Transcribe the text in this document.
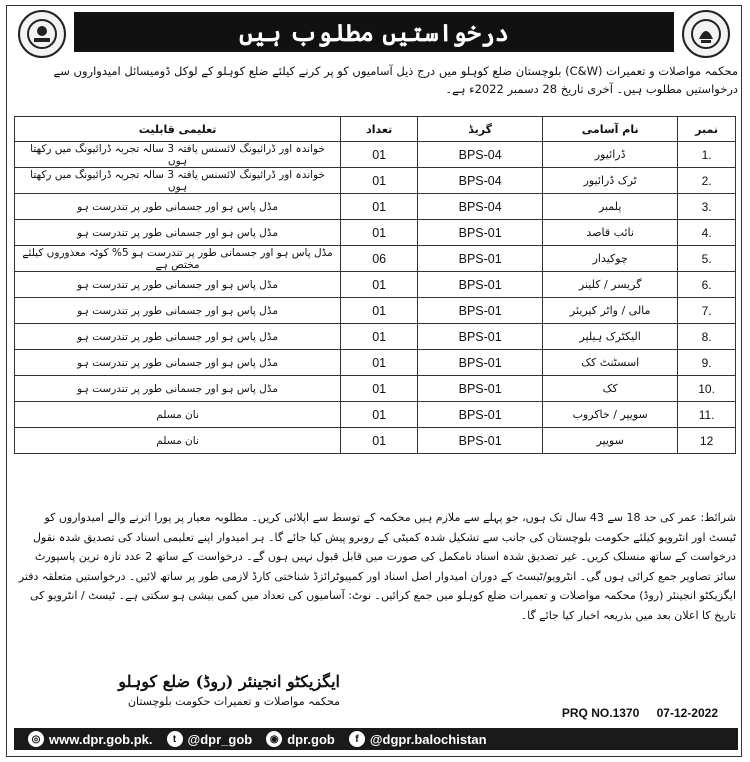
درخواستیں مطلوب ہیں
محکمہ مواصلات و تعمیرات (C&W) بلوچستان ضلع کوہلو میں درج ذیل آسامیوں کو پر کرنے کیلئے ضلع کوہلو کے لوکل ڈومیسائل امیدواروں سے درخواستیں مطلوب ہیں۔ آخری تاریخ 28 دسمبر 2022ء ہے۔
تعلیمی قابلیت	تعداد	گریڈ	نام آسامی	نمبر
خواندہ اور ڈرائیونگ لائسنس یافتہ 3 سالہ تجربہ ڈرائیونگ میں رکھتا ہوں	01	BPS-04	ڈرائیور	1.
خواندہ اور ڈرائیونگ لائسنس یافتہ 3 سالہ تجربہ ڈرائیونگ میں رکھتا ہوں	01	BPS-04	ٹرک ڈرائیور	2.
مڈل پاس ہو اور جسمانی طور پر تندرست ہو	01	BPS-04	پلمبر	3.
مڈل پاس ہو اور جسمانی طور پر تندرست ہو	01	BPS-01	نائب قاصد	4.
مڈل پاس ہو اور جسمانی طور پر تندرست ہو 5% کوٹہ معذوروں کیلئے مختص ہے	06	BPS-01	چوکیدار	5.
مڈل پاس ہو اور جسمانی طور پر تندرست ہو	01	BPS-01	گریسر / کلینر	6.
مڈل پاس ہو اور جسمانی طور پر تندرست ہو	01	BPS-01	مالی / واٹر کیریئر	7.
مڈل پاس ہو اور جسمانی طور پر تندرست ہو	01	BPS-01	الیکٹرک ہیلپر	8.
مڈل پاس ہو اور جسمانی طور پر تندرست ہو	01	BPS-01	اسسٹنٹ کک	9.
مڈل پاس ہو اور جسمانی طور پر تندرست ہو	01	BPS-01	کک	10.
نان مسلم	01	BPS-01	سویپر / خاکروب	11.
نان مسلم	01	BPS-01	سویپر	12
شرائط: عمر کی حد 18 سے 43 سال تک ہوں، جو پہلے سے ملازم ہیں محکمہ کے توسط سے اپلائی کریں۔ مطلوبہ معیار پر پورا اترنے والے امیدواروں کو ٹیسٹ اور انٹرویو کیلئے حکومت بلوچستان کی جانب سے تشکیل شدہ کمیٹی کے روبرو پیش کیا جائے گا۔ ہر امیدوار اپنے تعلیمی اسناد کی تصدیق شدہ نقول درخواست کے ساتھ منسلک کریں۔ غیر تصدیق شدہ اسناد نامکمل کی صورت میں قابل قبول نہیں ہوں گے۔ درخواست کے ساتھ 2 عدد تازہ ترین پاسپورٹ سائز تصاویر جمع کرائی ہوں گی۔ انٹرویو/ٹیسٹ کے دوران امیدوار اصل اسناد اور کمپیوٹرائزڈ شناختی کارڈ لازمی طور پر ساتھ لائیں۔ درخواستیں متعلقہ دفتر ایگزیکٹو انجینئر (روڈ) محکمہ مواصلات و تعمیرات ضلع کوہلو میں جمع کرائیں۔ نوٹ: آسامیوں کی تعداد میں کمی بیشی ہو سکتی ہے۔ ٹیسٹ / انٹرویو کی تاریخ کا اعلان بعد میں بذریعہ اخبار کیا جائے گا۔
ایگزیکٹو انجینئر (روڈ) ضلع کوہلو
محکمہ مواصلات و تعمیرات حکومت بلوچستان
PRQ NO.1370 07-12-2022
◎ www.dpr.gob.pk.	t @dpr_gob	◉ dpr.gob	f @dgpr.balochistan
